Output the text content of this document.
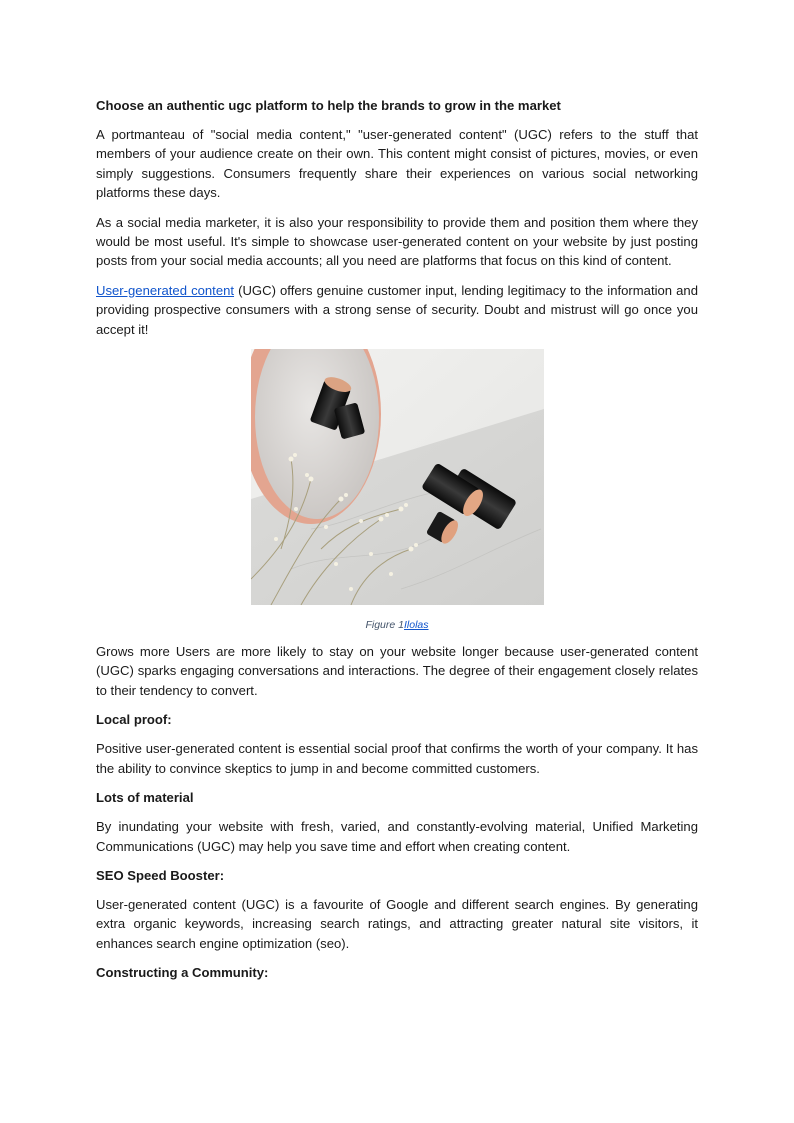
Choose an authentic ugc platform to help the brands to grow in the market

A portmanteau of "social media content," "user-generated content" (UGC) refers to the stuff that members of your audience create on their own. This content might consist of pictures, movies, or even simply suggestions. Consumers frequently share their experiences on various social networking platforms these days.

As a social media marketer, it is also your responsibility to provide them and position them where they would be most useful. It's simple to showcase user-generated content on your website by just posting posts from your social media accounts; all you need are platforms that focus on this kind of content.

User-generated content (UGC) offers genuine customer input, lending legitimacy to the information and providing prospective consumers with a strong sense of security. Doubt and mistrust will go once you accept it!

Figure 1Ilolas

Grows more Users are more likely to stay on your website longer because user-generated content (UGC) sparks engaging conversations and interactions. The degree of their engagement closely relates to their tendency to convert.

Local proof:

Positive user-generated content is essential social proof that confirms the worth of your company. It has the ability to convince skeptics to jump in and become committed customers.

Lots of material

By inundating your website with fresh, varied, and constantly-evolving material, Unified Marketing Communications (UGC) may help you save time and effort when creating content.

SEO Speed Booster:

User-generated content (UGC) is a favourite of Google and different search engines. By generating extra organic keywords, increasing search ratings, and attracting greater natural site visitors, it enhances search engine optimization (seo).

Constructing a Community:
